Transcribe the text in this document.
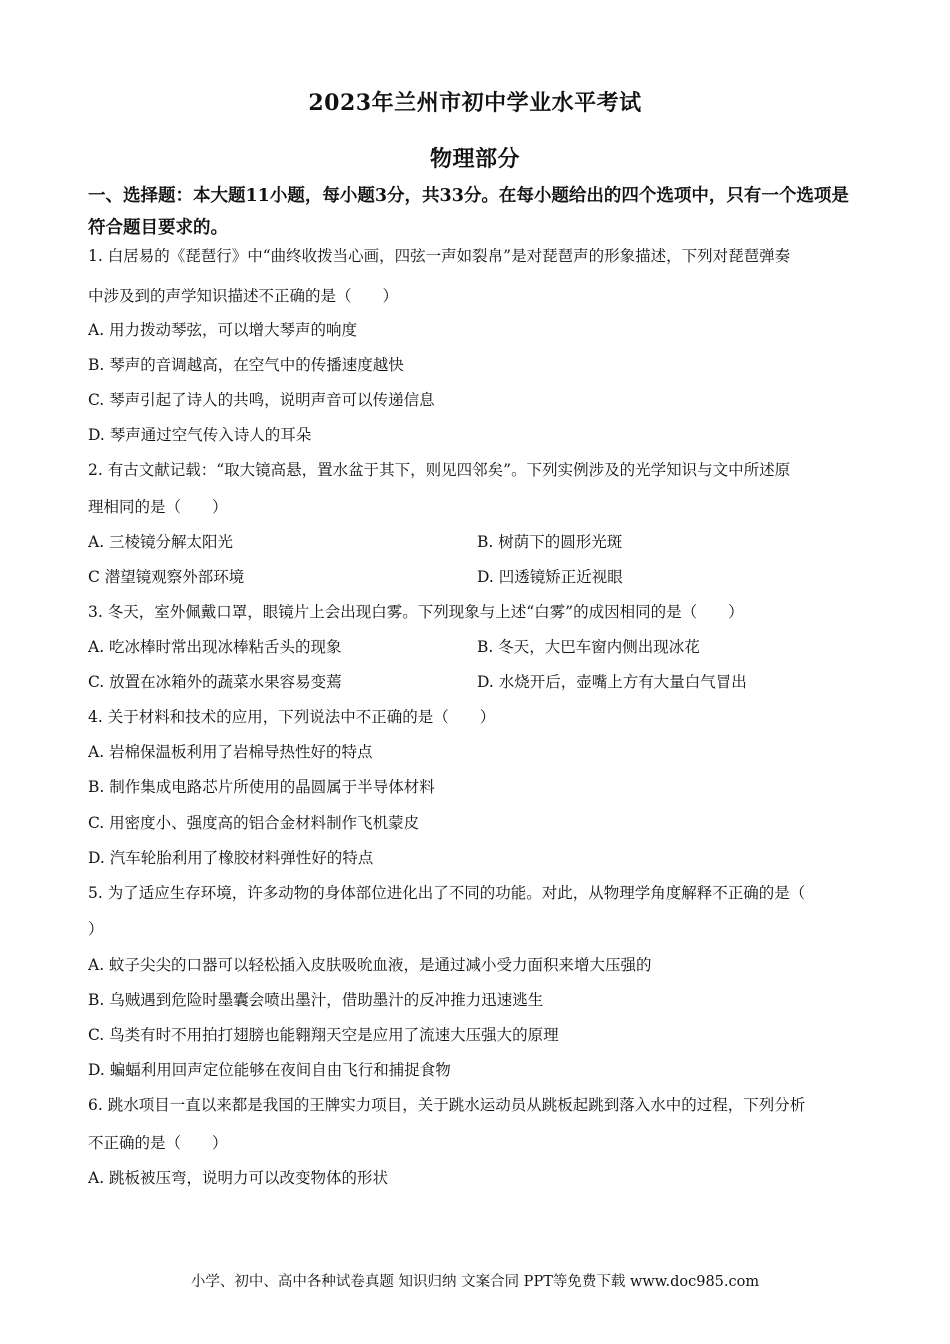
2023年兰州市初中学业水平考试
物理部分
一、选择题：本大题11小题，每小题3分，共33分。在每小题给出的四个选项中，只有一个选项是符合题目要求的。
1. 白居易的《琵琶行》中“曲终收拨当心画，四弦一声如裂帛”是对琵琶声的形象描述，下列对琵琶弹奏
中涉及到的声学知识描述不正确的是（　　）
A. 用力拨动琴弦，可以增大琴声的响度
B. 琴声的音调越高，在空气中的传播速度越快
C. 琴声引起了诗人的共鸣，说明声音可以传递信息
D. 琴声通过空气传入诗人的耳朵
2. 有古文献记载：“取大镜高悬，置水盆于其下，则见四邻矣”。下列实例涉及的光学知识与文中所述原
理相同的是（　　）
A. 三棱镜分解太阳光	B. 树荫下的圆形光斑
C 潜望镜观察外部环境	D. 凹透镜矫正近视眼
3. 冬天，室外佩戴口罩，眼镜片上会出现白雾。下列现象与上述“白雾”的成因相同的是（　　）
A. 吃冰棒时常出现冰棒粘舌头的现象	B. 冬天，大巴车窗内侧出现冰花
C. 放置在冰箱外的蔬菜水果容易变蔫	D. 水烧开后，壶嘴上方有大量白气冒出
4. 关于材料和技术的应用，下列说法中不正确的是（　　）
A. 岩棉保温板利用了岩棉导热性好的特点
B. 制作集成电路芯片所使用的晶圆属于半导体材料
C. 用密度小、强度高的铝合金材料制作飞机蒙皮
D. 汽车轮胎利用了橡胶材料弹性好的特点
5. 为了适应生存环境，许多动物的身体部位进化出了不同的功能。对此，从物理学角度解释不正确的是（
）
A. 蚊子尖尖的口器可以轻松插入皮肤吸吮血液，是通过减小受力面积来增大压强的
B. 乌贼遇到危险时墨囊会喷出墨汁，借助墨汁的反冲推力迅速逃生
C. 鸟类有时不用拍打翅膀也能翱翔天空是应用了流速大压强大的原理
D. 蝙蝠利用回声定位能够在夜间自由飞行和捕捉食物
6. 跳水项目一直以来都是我国的王牌实力项目，关于跳水运动员从跳板起跳到落入水中的过程，下列分析
不正确的是（　　）
A. 跳板被压弯，说明力可以改变物体的形状
小学、初中、高中各种试卷真题 知识归纳 文案合同 PPT等免费下载 www.doc985.com
